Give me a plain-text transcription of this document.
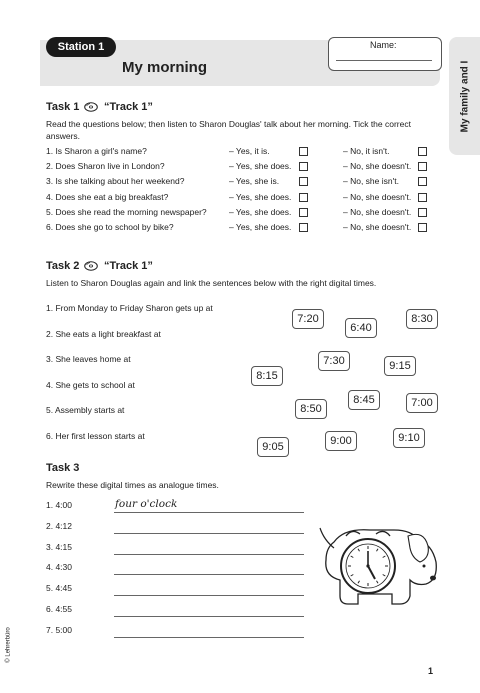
Station 1
My morning
Name:
My family and I
Task 1 “Track 1”
Read the questions below; then listen to Sharon Douglas' talk about her morning. Tick the correct answers.
1. Is Sharon a girl's name?	– Yes, it is.	– No, it isn't.
2. Does Sharon live in London?	– Yes, she does.	– No, she doesn't.
3. Is she talking about her weekend?	– Yes, she is.	– No, she isn't.
4. Does she eat a big breakfast?	– Yes, she does.	– No, she doesn't.
5. Does she read the morning newspaper?	– Yes, she does.	– No, she doesn't.
6. Does she go to school by bike?	– Yes, she does.	– No, she doesn't.
Task 2 “Track 1”
Listen to Sharon Douglas again and link the sentences below with the right digital times.
1. From Monday to Friday Sharon gets up at
2. She eats a light breakfast at
3. She leaves home at
4. She gets to school at
5. Assembly starts at
6. Her first lesson starts at
7:20	8:30
6:40
7:30	9:15
8:15
8:45	7:00
8:50
9:10
9:00
9:05
Task 3
Rewrite these digital times as analogue times.
1. 4:00	four o'clock
2. 4:12
3. 4:15
4. 4:30
5. 4:45
6. 4:55
7. 5:00
© Lehrerbüro
1
